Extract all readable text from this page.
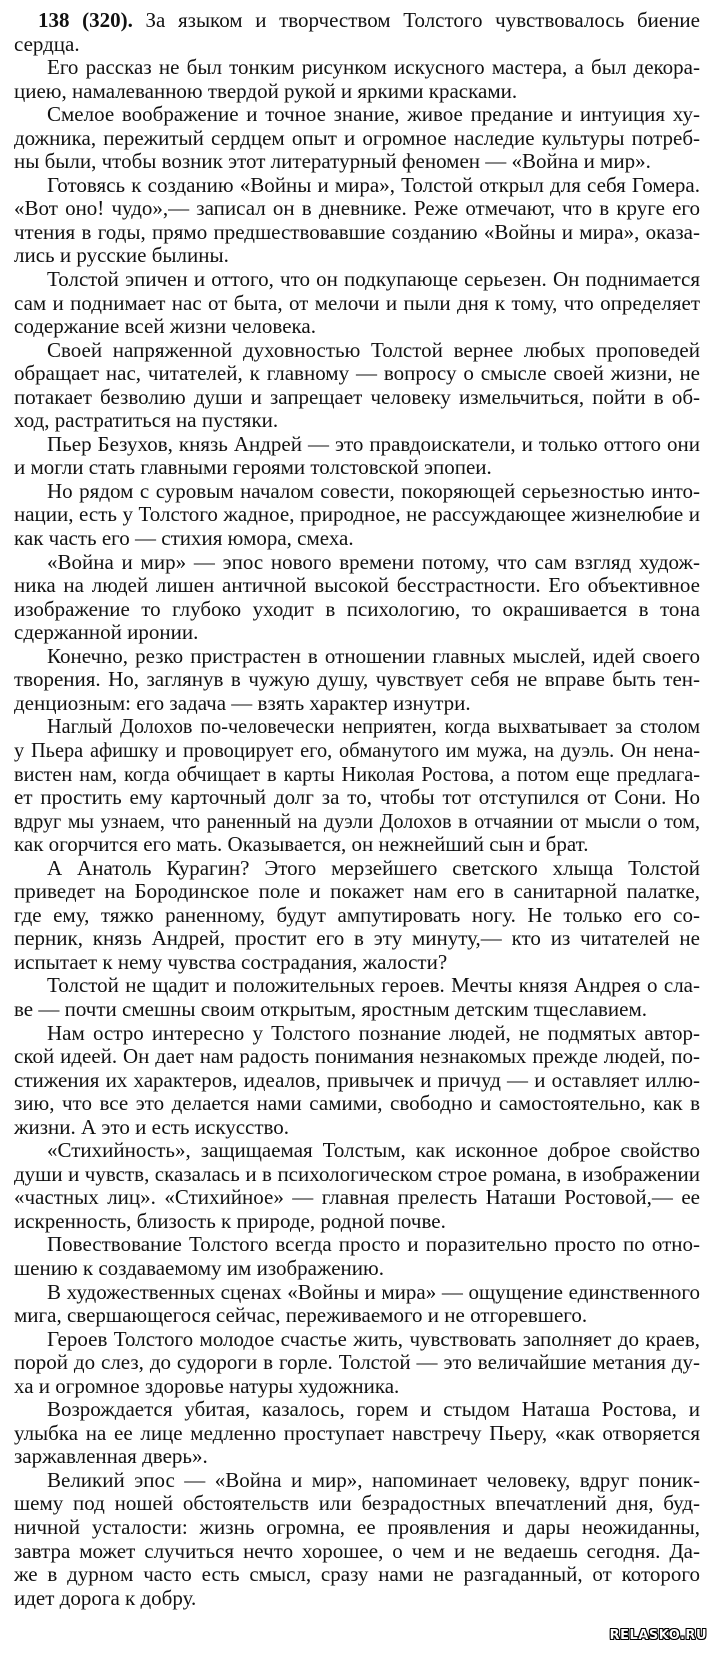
138 (320). За языком и творчеством Толстого чувствовалось биение
сердца.
Его рассказ не был тонким рисунком искусного мастера, а был декора-
циею, намалеванною твердой рукой и яркими красками.
Смелое воображение и точное знание, живое предание и интуиция ху-
дожника, пережитый сердцем опыт и огромное наследие культуры потреб-
ны были, чтобы возник этот литературный феномен — «Война и мир».
Готовясь к созданию «Войны и мира», Толстой открыл для себя Гомера.
«Вот оно! чудо»,— записал он в дневнике. Реже отмечают, что в круге его
чтения в годы, прямо предшествовавшие созданию «Войны и мира», оказа-
лись и русские былины.
Толстой эпичен и оттого, что он подкупающе серьезен. Он поднимается
сам и поднимает нас от быта, от мелочи и пыли дня к тому, что определяет
содержание всей жизни человека.
Своей напряженной духовностью Толстой вернее любых проповедей
обращает нас, читателей, к главному — вопросу о смысле своей жизни, не
потакает безволию души и запрещает человеку измельчиться, пойти в об-
ход, растратиться на пустяки.
Пьер Безухов, князь Андрей — это правдоискатели, и только оттого они
и могли стать главными героями толстовской эпопеи.
Но рядом с суровым началом совести, покоряющей серьезностью инто-
нации, есть у Толстого жадное, природное, не рассуждающее жизнелюбие и
как часть его — стихия юмора, смеха.
«Война и мир» — эпос нового времени потому, что сам взгляд худож-
ника на людей лишен античной высокой бесстрастности. Его объективное
изображение то глубоко уходит в психологию, то окрашивается в тона
сдержанной иронии.
Конечно, резко пристрастен в отношении главных мыслей, идей своего
творения. Но, заглянув в чужую душу, чувствует себя не вправе быть тен-
денциозным: его задача — взять характер изнутри.
Наглый Долохов по-человечески неприятен, когда выхватывает за столом
у Пьера афишку и провоцирует его, обманутого им мужа, на дуэль. Он нена-
вистен нам, когда обчищает в карты Николая Ростова, а потом еще предлага-
ет простить ему карточный долг за то, чтобы тот отступился от Сони. Но
вдруг мы узнаем, что раненный на дуэли Долохов в отчаянии от мысли о том,
как огорчится его мать. Оказывается, он нежнейший сын и брат.
А Анатоль Курагин? Этого мерзейшего светского хлыща Толстой
приведет на Бородинское поле и покажет нам его в санитарной палатке,
где ему, тяжко раненному, будут ампутировать ногу. Не только его со-
перник, князь Андрей, простит его в эту минуту,— кто из читателей не
испытает к нему чувства сострадания, жалости?
Толстой не щадит и положительных героев. Мечты князя Андрея о сла-
ве — почти смешны своим открытым, яростным детским тщеславием.
Нам остро интересно у Толстого познание людей, не подмятых автор-
ской идеей. Он дает нам радость понимания незнакомых прежде людей, по-
стижения их характеров, идеалов, привычек и причуд — и оставляет иллю-
зию, что все это делается нами самими, свободно и самостоятельно, как в
жизни. А это и есть искусство.
«Стихийность», защищаемая Толстым, как исконное доброе свойство
души и чувств, сказалась и в психологическом строе романа, в изображении
«частных лиц». «Стихийное» — главная прелесть Наташи Ростовой,— ее
искренность, близость к природе, родной почве.
Повествование Толстого всегда просто и поразительно просто по отно-
шению к создаваемому им изображению.
В художественных сценах «Войны и мира» — ощущение единственного
мига, свершающегося сейчас, переживаемого и не отгоревшего.
Героев Толстого молодое счастье жить, чувствовать заполняет до краев,
порой до слез, до судороги в горле. Толстой — это величайшие метания ду-
ха и огромное здоровье натуры художника.
Возрождается убитая, казалось, горем и стыдом Наташа Ростова, и
улыбка на ее лице медленно проступает навстречу Пьеру, «как отворяется
заржавленная дверь».
Великий эпос — «Война и мир», напоминает человеку, вдруг поник-
шему под ношей обстоятельств или безрадостных впечатлений дня, буд-
ничной усталости: жизнь огромна, ее проявления и дары неожиданны,
завтра может случиться нечто хорошее, о чем и не ведаешь сегодня. Да-
же в дурном часто есть смысл, сразу нами не разгаданный, от которого
идет дорога к добру.
RELASKO.RU
